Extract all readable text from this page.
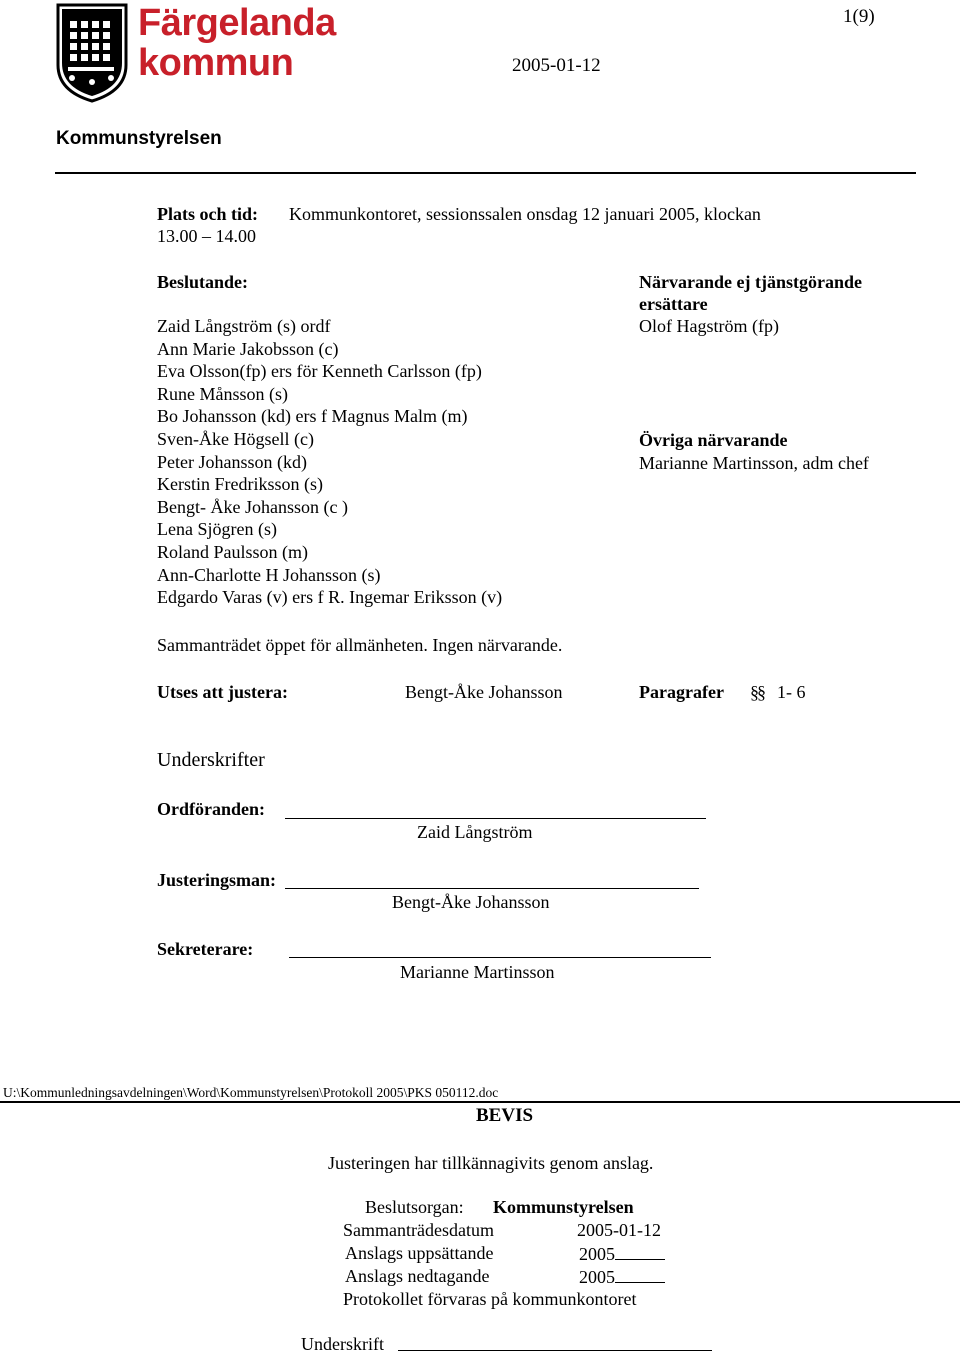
Färgelanda
kommun
1(9)
2005-01-12
Kommunstyrelsen
Plats och tid: Kommunkontoret, sessionssalen onsdag 12 januari 2005, klockan
13.00 – 14.00
Beslutande:
Zaid Långström (s) ordf
Ann Marie Jakobsson (c)
Eva Olsson(fp) ers för Kenneth Carlsson (fp)
Rune Månsson (s)
Bo Johansson (kd) ers f Magnus Malm (m)
Sven-Åke Högsell (c)
Peter Johansson (kd)
Kerstin Fredriksson (s)
Bengt- Åke Johansson (c )
Lena Sjögren (s)
Roland Paulsson (m)
Ann-Charlotte H Johansson (s)
Edgardo Varas (v) ers f R. Ingemar Eriksson (v)
Närvarande ej tjänstgörande
ersättare
Olof Hagström (fp)
Övriga närvarande
Marianne Martinsson, adm chef
Sammanträdet öppet för allmänheten. Ingen närvarande.
Utses att justera:	Bengt-Åke Johansson	Paragrafer §§ 1- 6
Underskrifter
Ordföranden:
Zaid Långström
Justeringsman:
Bengt-Åke Johansson
Sekreterare:
Marianne Martinsson
U:\Kommunledningsavdelningen\Word\Kommunstyrelsen\Protokoll 2005\PKS 050112.doc
BEVIS
Justeringen har tillkännagivits genom anslag.
Beslutsorgan: Kommunstyrelsen
Sammanträdesdatum	2005-01-12
Anslags uppsättande	2005
Anslags nedtagande	2005
Protokollet förvaras på kommunkontoret
Underskrift
